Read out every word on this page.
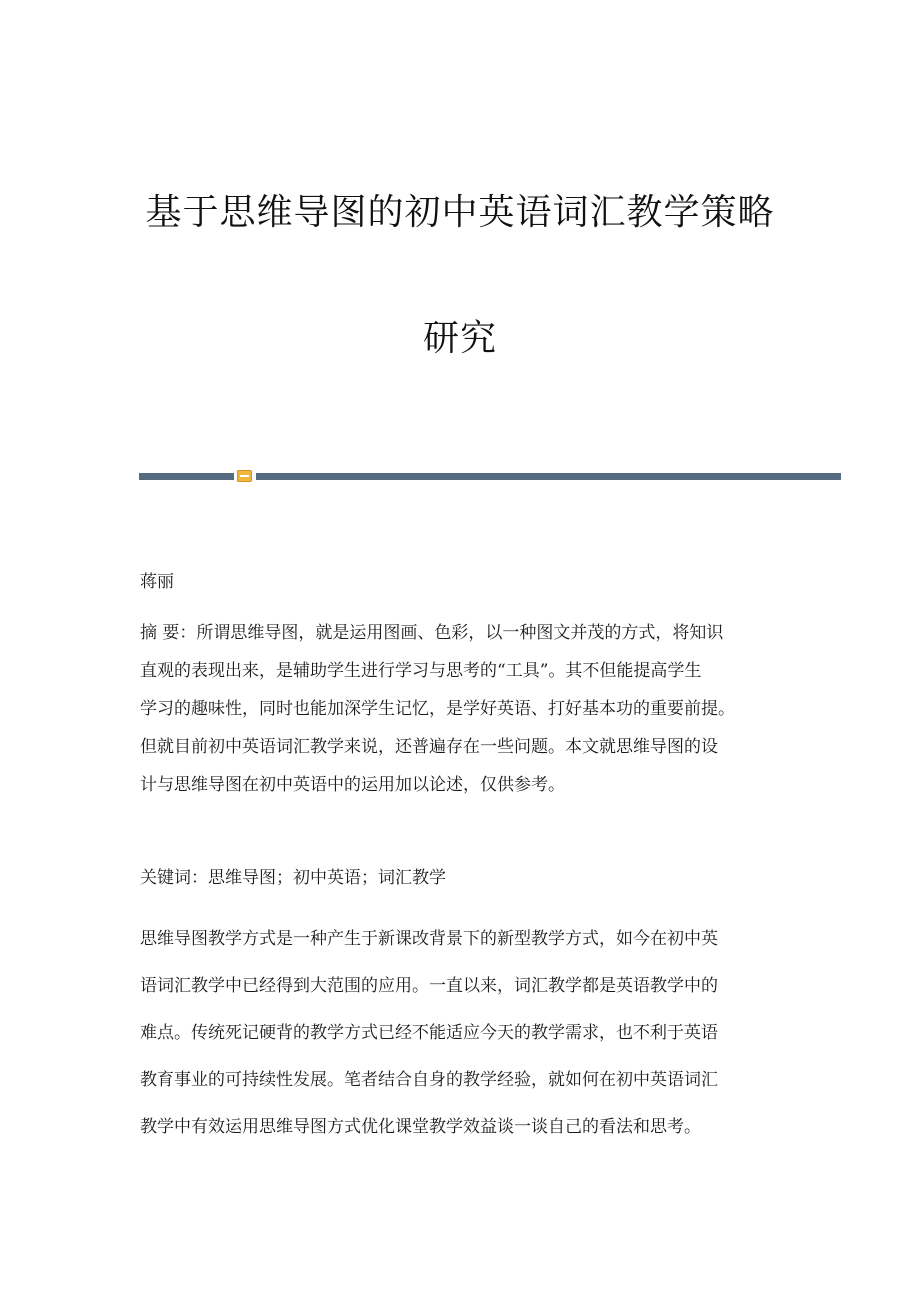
基于思维导图的初中英语词汇教学策略
研究

蒋丽

摘 要：所谓思维导图，就是运用图画、色彩，以一种图文并茂的方式，将知识
直观的表现出来，是辅助学生进行学习与思考的“工具”。其不但能提高学生
学习的趣味性，同时也能加深学生记忆，是学好英语、打好基本功的重要前提。
但就目前初中英语词汇教学来说，还普遍存在一些问题。本文就思维导图的设
计与思维导图在初中英语中的运用加以论述，仅供参考。

关键词：思维导图；初中英语；词汇教学

思维导图教学方式是一种产生于新课改背景下的新型教学方式，如今在初中英
语词汇教学中已经得到大范围的应用。一直以来，词汇教学都是英语教学中的
难点。传统死记硬背的教学方式已经不能适应今天的教学需求，也不利于英语
教育事业的可持续性发展。笔者结合自身的教学经验，就如何在初中英语词汇
教学中有效运用思维导图方式优化课堂教学效益谈一谈自己的看法和思考。
